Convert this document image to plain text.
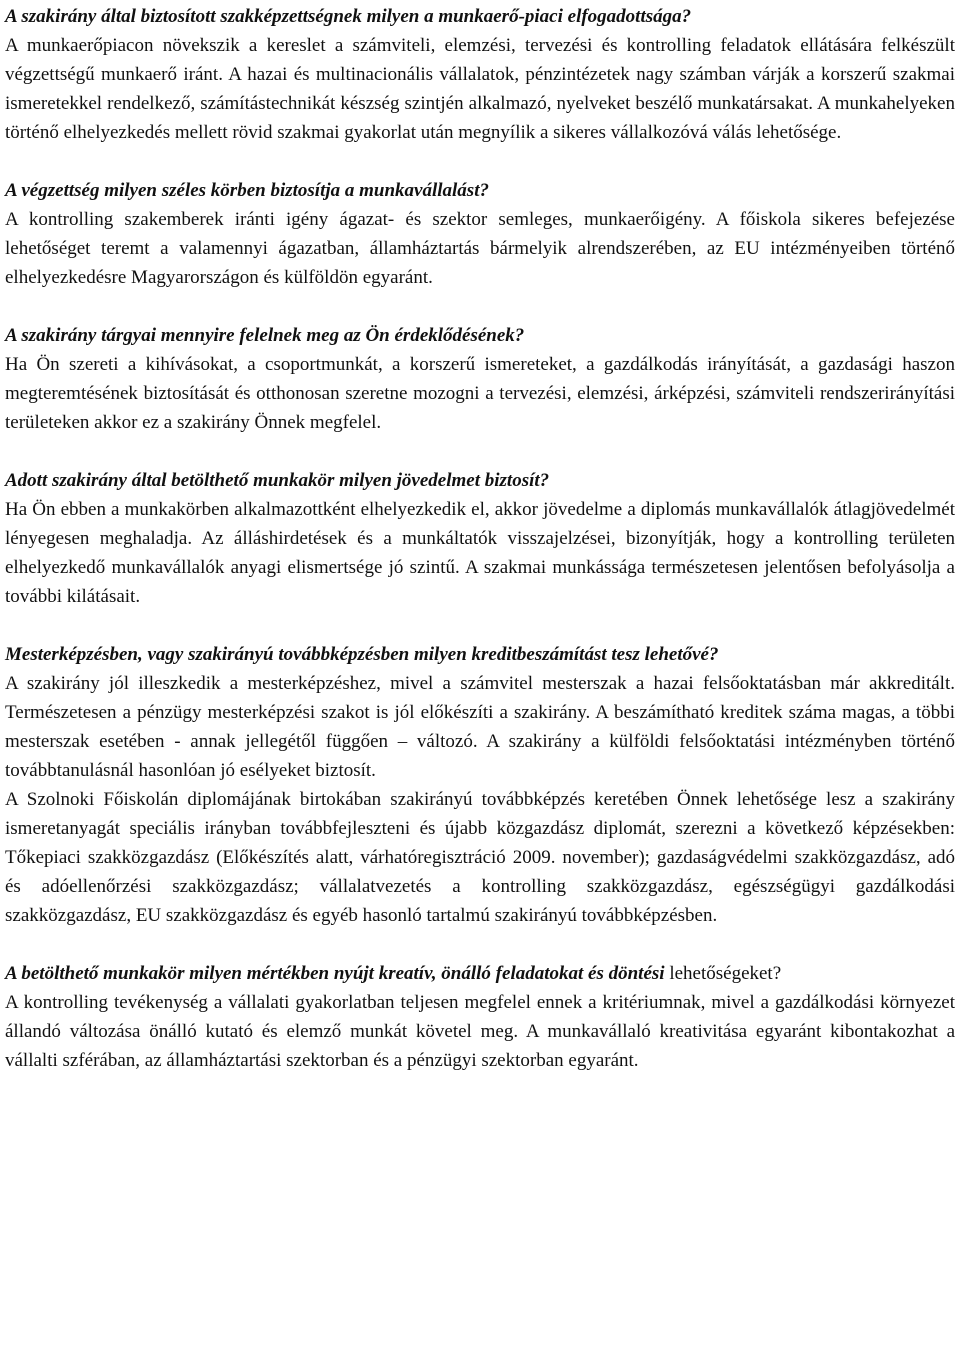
A szakirány által biztosított szakképzettségnek milyen a munkaerő-piaci elfogadottsága?

A munkaerőpiacon növekszik a kereslet a számviteli, elemzési, tervezési és kontrolling feladatok ellátására felkészült végzettségű munkaerő iránt. A hazai és multinacionális vállalatok, pénzintézetek nagy számban várják a korszerű szakmai ismeretekkel rendelkező, számítástechnikát készség szintjén alkalmazó, nyelveket beszélő munkatársakat. A munkahelyeken történő elhelyezkedés mellett rövid szakmai gyakorlat után megnyílik a sikeres vállalkozóvá válás lehetősége.

A végzettség milyen széles körben biztosítja a munkavállalást?

A kontrolling szakemberek iránti igény ágazat- és szektor semleges, munkaerőigény. A főiskola sikeres befejezése lehetőséget teremt a valamennyi ágazatban, államháztartás bármelyik alrendszerében, az EU intézményeiben történő elhelyezkedésre Magyarországon és külföldön egyaránt.

A szakirány tárgyai mennyire felelnek meg az Ön érdeklődésének?

Ha Ön szereti a kihívásokat, a csoportmunkát, a korszerű ismereteket, a gazdálkodás irányítását, a gazdasági haszon megteremtésének biztosítását és otthonosan szeretne mozogni a tervezési, elemzési, árképzési, számviteli rendszerirányítási területeken akkor ez a szakirány Önnek megfelel.

Adott szakirány által betölthető munkakör milyen jövedelmet biztosít?

Ha Ön ebben a munkakörben alkalmazottként elhelyezkedik el, akkor jövedelme a diplomás munkavállalók átlagjövedelmét lényegesen meghaladja. Az álláshirdetések és a munkáltatók visszajelzései, bizonyítják, hogy a kontrolling területen elhelyezkedő munkavállalók anyagi elismertsége jó szintű. A szakmai munkássága természetesen jelentősen befolyásolja a további kilátásait.

Mesterképzésben, vagy szakirányú továbbképzésben milyen kreditbeszámítást tesz lehetővé?

A szakirány jól illeszkedik a mesterképzéshez, mivel a számvitel mesterszak a hazai felsőoktatásban már akkreditált. Természetesen a pénzügy mesterképzési szakot is jól előkészíti a szakirány. A beszámítható kreditek száma magas, a többi mesterszak esetében - annak jellegétől függően – változó. A szakirány a külföldi felsőoktatási intézményben történő továbbtanulásnál hasonlóan jó esélyeket biztosít.

A Szolnoki Főiskolán diplomájának birtokában szakirányú továbbképzés keretében Önnek lehetősége lesz a szakirány ismeretanyagát speciális irányban továbbfejleszteni és újabb közgazdász diplomát, szerezni a következő képzésekben: Tőkepiaci szakközgazdász (Előkészítés alatt, várhatóregisztráció 2009. november); gazdaságvédelmi szakközgazdász, adó és adóellenőrzési szakközgazdász; vállalatvezetés a kontrolling szakközgazdász, egészségügyi gazdálkodási szakközgazdász, EU szakközgazdász és egyéb hasonló tartalmú szakirányú továbbképzésben.

A betölthető munkakör milyen mértékben nyújt kreatív, önálló feladatokat és döntési lehetőségeket?

A kontrolling tevékenység a vállalati gyakorlatban teljesen megfelel ennek a kritériumnak, mivel a gazdálkodási környezet állandó változása önálló kutató és elemző munkát követel meg. A munkavállaló kreativitása egyaránt kibontakozhat a vállalti szférában, az államháztartási szektorban és a pénzügyi szektorban egyaránt.
